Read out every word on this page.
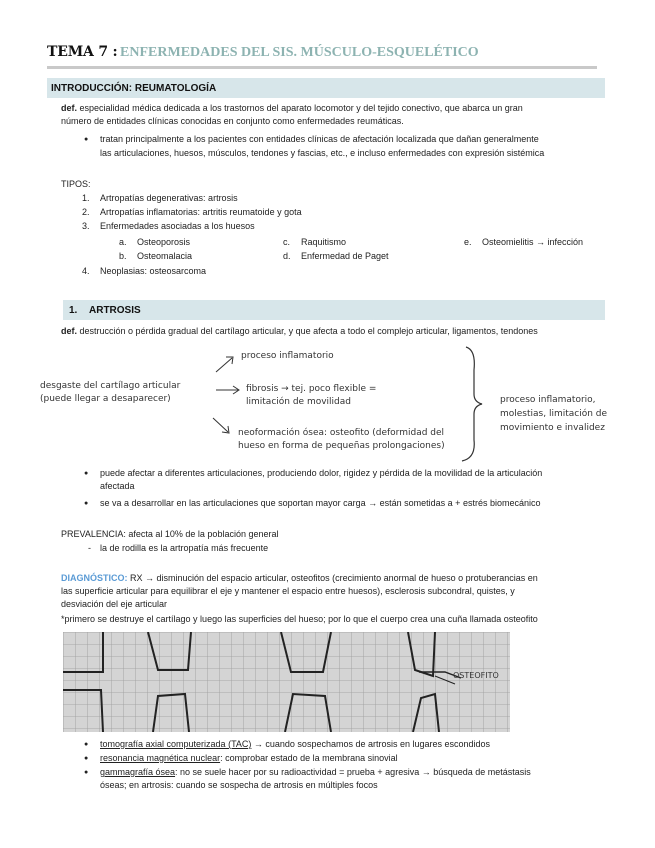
TEMA 7 : ENFERMEDADES DEL SIS. MÚSCULO-ESQUELÉTICO
INTRODUCCIÓN: REUMATOLOGÍA
def. especialidad médica dedicada a los trastornos del aparato locomotor y del tejido conectivo, que abarca un gran
número de entidades clínicas conocidas en conjunto como enfermedades reumáticas.
● tratan principalmente a los pacientes con entidades clínicas de afectación localizada que dañan generalmente
las articulaciones, huesos, músculos, tendones y fascias, etc., e incluso enfermedades con expresión sistémica
TIPOS:
1. Artropatías degenerativas: artrosis
2. Artropatías inflamatorias: artritis reumatoide y gota
3. Enfermedades asociadas a los huesos
a. Osteoporosis
b. Osteomalacia
c. Raquitismo
d. Enfermedad de Paget
e. Osteomielitis → infección
4. Neoplasias: osteosarcoma
1. ARTROSIS
def. destrucción o pérdida gradual del cartílago articular, y que afecta a todo el complejo articular, ligamentos, tendones
desgaste del cartílago articular
(puede llegar a desaparecer)
proceso inflamatorio
fibrosis → tej. poco flexible =
limitación de movilidad
neoformación ósea: osteofito (deformidad del
hueso en forma de pequeñas prolongaciones)
proceso inflamatorio,
molestias, limitación de
movimiento e invalidez
● puede afectar a diferentes articulaciones, produciendo dolor, rigidez y pérdida de la movilidad de la articulación
afectada
● se va a desarrollar en las articulaciones que soportan mayor carga → están sometidas a + estrés biomecánico
PREVALENCIA: afecta al 10% de la población general
- la de rodilla es la artropatía más frecuente
DIAGNÓSTICO: RX → disminución del espacio articular, osteofitos (crecimiento anormal de hueso o protuberancias en
las superficie articular para equilibrar el eje y mantener el espacio entre huesos), esclerosis subcondral, quistes, y
desviación del eje articular
*primero se destruye el cartílago y luego las superficies del hueso; por lo que el cuerpo crea una cuña llamada osteofito
OSTEOFITO
● tomografía axial computerizada (TAC) → cuando sospechamos de artrosis en lugares escondidos
● resonancia magnética nuclear: comprobar estado de la membrana sinovial
● gammagrafía ósea: no se suele hacer por su radioactividad = prueba + agresiva → búsqueda de metástasis
óseas; en artrosis: cuando se sospecha de artrosis en múltiples focos
